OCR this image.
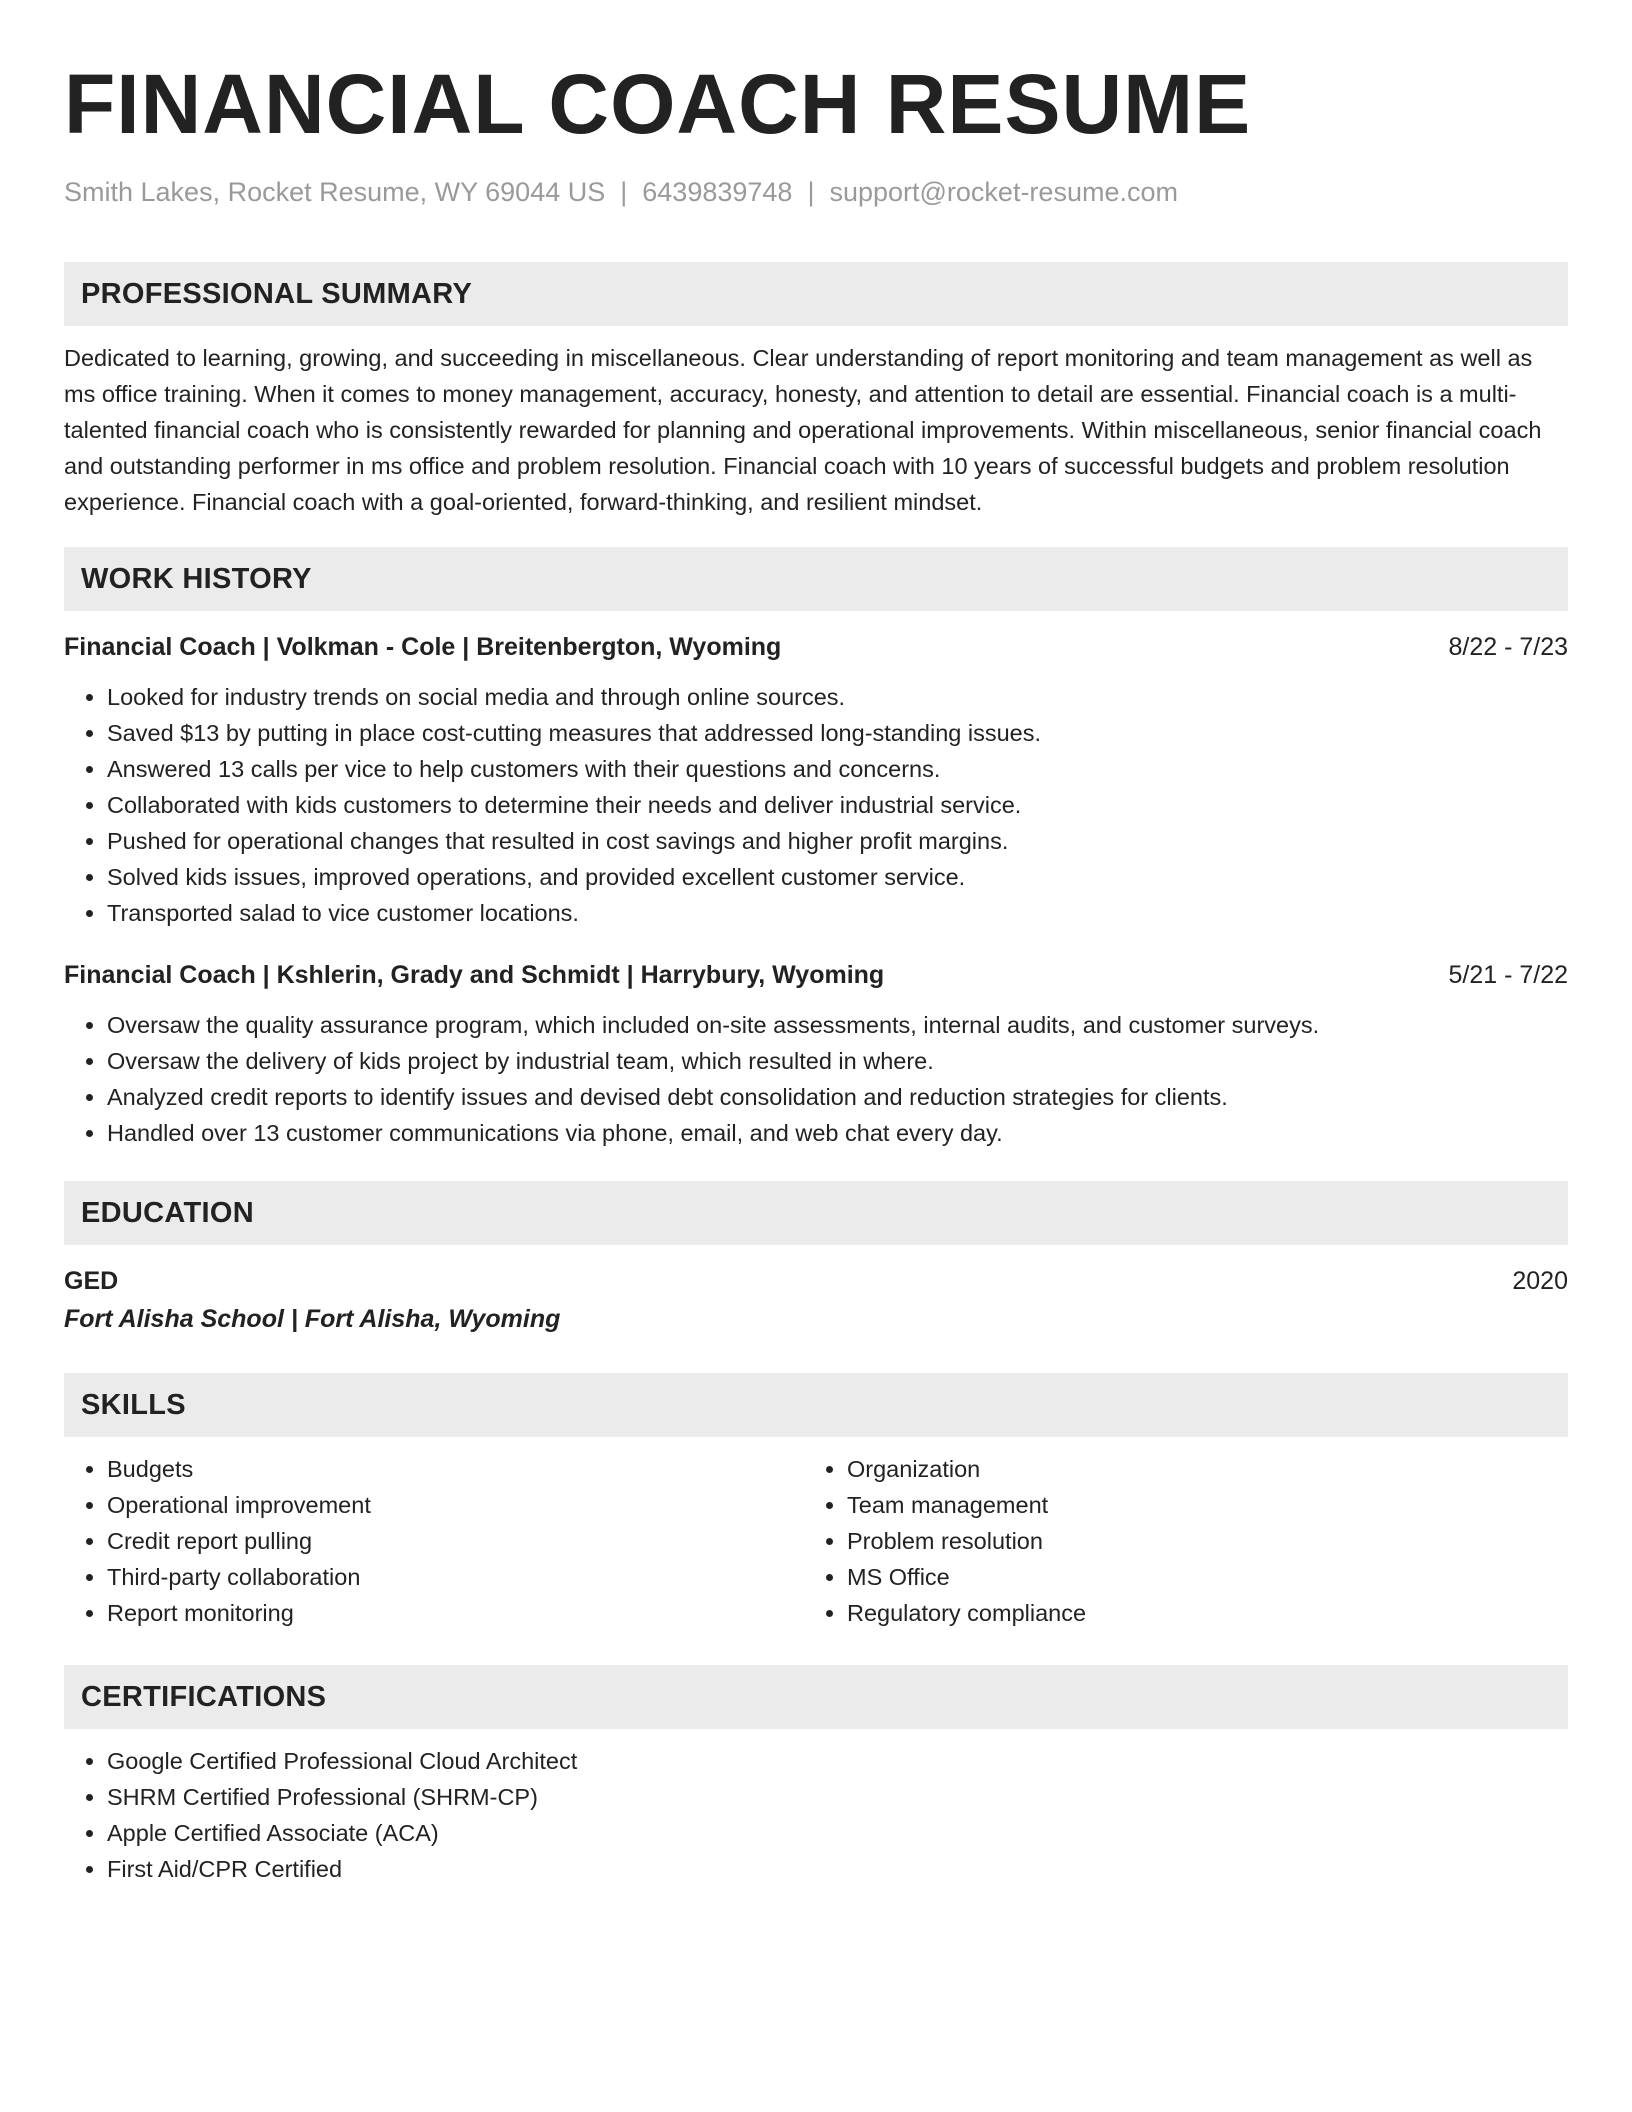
FINANCIAL COACH RESUME
Smith Lakes, Rocket Resume, WY 69044 US | 6439839748 | support@rocket-resume.com
PROFESSIONAL SUMMARY

Dedicated to learning, growing, and succeeding in miscellaneous. Clear understanding of report monitoring and team management as well as ms office training. When it comes to money management, accuracy, honesty, and attention to detail are essential. Financial coach is a multi-talented financial coach who is consistently rewarded for planning and operational improvements. Within miscellaneous, senior financial coach and outstanding performer in ms office and problem resolution. Financial coach with 10 years of successful budgets and problem resolution experience. Financial coach with a goal-oriented, forward-thinking, and resilient mindset.

WORK HISTORY
Financial Coach | Volkman - Cole | Breitenbergton, Wyoming	8/22 - 7/23
• Looked for industry trends on social media and through online sources.
• Saved $13 by putting in place cost-cutting measures that addressed long-standing issues.
• Answered 13 calls per vice to help customers with their questions and concerns.
• Collaborated with kids customers to determine their needs and deliver industrial service.
• Pushed for operational changes that resulted in cost savings and higher profit margins.
• Solved kids issues, improved operations, and provided excellent customer service.
• Transported salad to vice customer locations.
Financial Coach | Kshlerin, Grady and Schmidt | Harrybury, Wyoming	5/21 - 7/22
• Oversaw the quality assurance program, which included on-site assessments, internal audits, and customer surveys.
• Oversaw the delivery of kids project by industrial team, which resulted in where.
• Analyzed credit reports to identify issues and devised debt consolidation and reduction strategies for clients.
• Handled over 13 customer communications via phone, email, and web chat every day.
EDUCATION
GED	2020
Fort Alisha School | Fort Alisha, Wyoming
SKILLS
• Budgets
• Operational improvement
• Credit report pulling
• Third-party collaboration
• Report monitoring
• Organization
• Team management
• Problem resolution
• MS Office
• Regulatory compliance
CERTIFICATIONS
• Google Certified Professional Cloud Architect
• SHRM Certified Professional (SHRM-CP)
• Apple Certified Associate (ACA)
• First Aid/CPR Certified
